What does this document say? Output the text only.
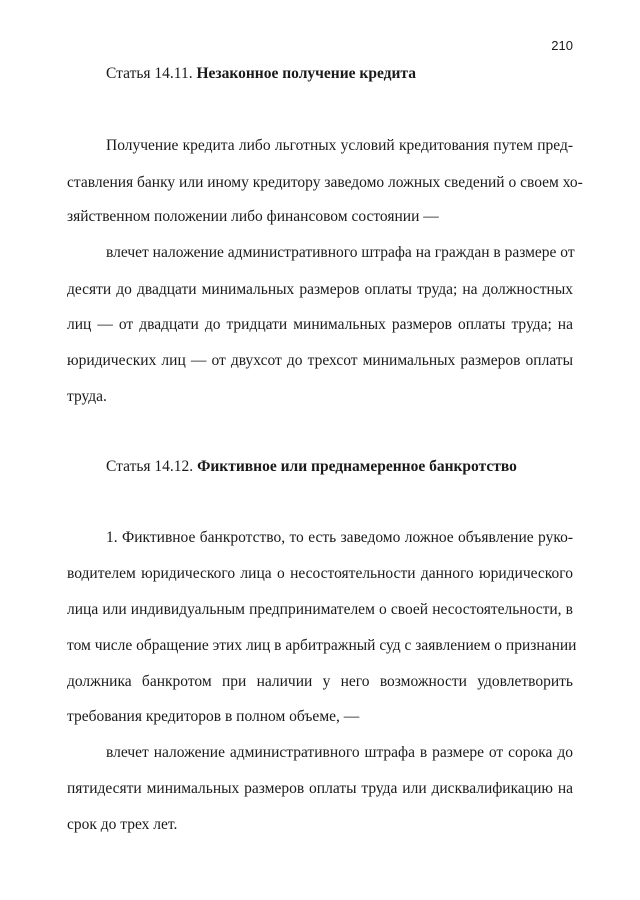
210
Статья 14.11. Незаконное получение кредита
Получение кредита либо льготных условий кредитования путем пред-
ставления банку или иному кредитору заведомо ложных сведений о своем хо-
зяйственном положении либо финансовом состоянии —
влечет наложение административного штрафа на граждан в размере от
десяти до двадцати минимальных размеров оплаты труда; на должностных
лиц — от двадцати до тридцати минимальных размеров оплаты труда; на
юридических лиц — от двухсот до трехсот минимальных размеров оплаты
труда.
Статья 14.12. Фиктивное или преднамеренное банкротство
1. Фиктивное банкротство, то есть заведомо ложное объявление руко-
водителем юридического лица о несостоятельности данного юридического
лица или индивидуальным предпринимателем о своей несостоятельности, в
том числе обращение этих лиц в арбитражный суд с заявлением о признании
должника банкротом при наличии у него возможности удовлетворить
требования кредиторов в полном объеме, —
влечет наложение административного штрафа в размере от сорока до
пятидесяти минимальных размеров оплаты труда или дисквалификацию на
срок до трех лет.
